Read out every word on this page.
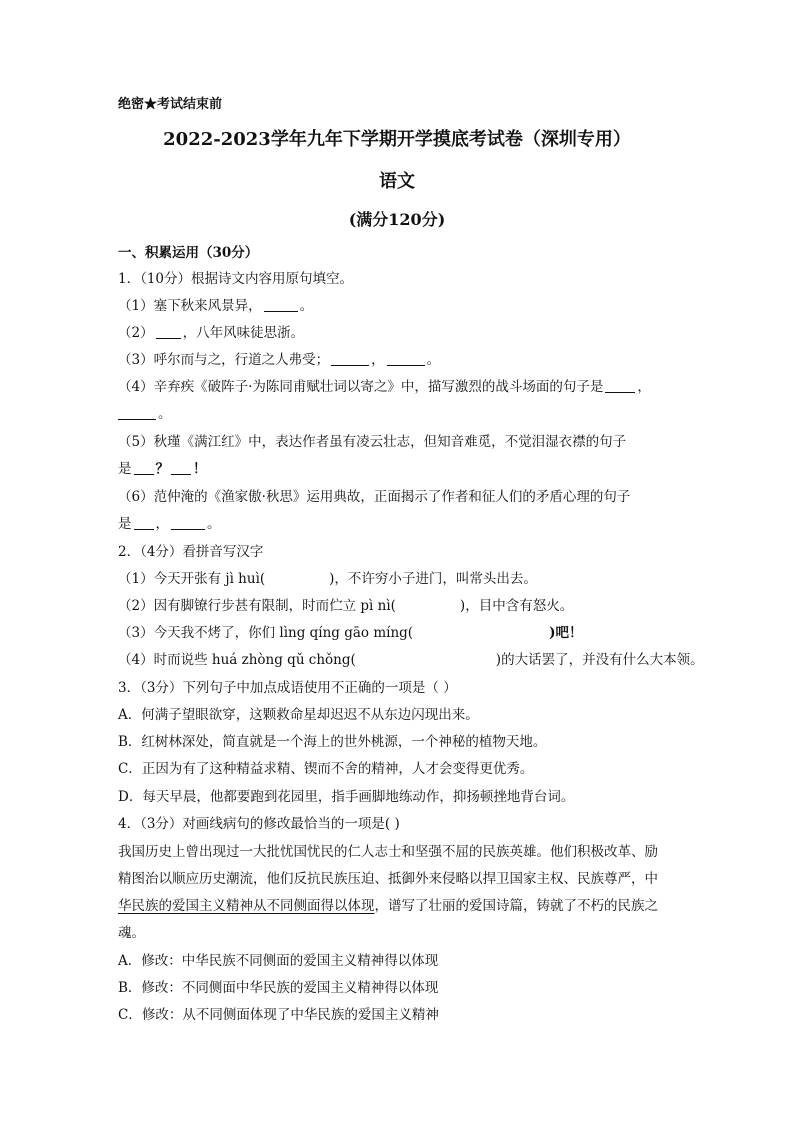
绝密★考试结束前
2022-2023学年九年下学期开学摸底考试卷（深圳专用）
语文
(满分120分)
一、积累运用（30分）
1．（10分）根据诗文内容用原句填空。
（1）塞下秋来风景异，	。
（2） ，八年风味徒思浙。
（3）呼尔而与之，行道之人弗受；	，	。
（4）辛弃疾《破阵子·为陈同甫赋壮词以寄之》中，描写激烈的战斗场面的句子是	，
。
（5）秋瑾《满江红》中，表达作者虽有凌云壮志，但知音难觅，不觉泪湿衣襟的句子
是 ？ ！
（6）范仲淹的《渔家傲·秋思》运用典故，正面揭示了作者和征人们的矛盾心理的句子
是 ，	。
2．（4分）看拼音写汉字
（1）今天开张有 jì huì(	)，不许穷小子进门，叫常头出去。
（2）因有脚镣行步甚有限制，时而伫立 pì nì(	)，目中含有怒火。
（3）今天我不烤了，你们 lìng qíng gāo míng(	)吧！
（4）时而说些 huá zhòng qǔ chǒng(	)的大话罢了，并没有什么大本领。
3．（3分）下列句子中加点成语使用不正确的一项是（ ）
A．何满子望眼欲穿，这颗救命星却迟迟不从东边闪现出来。
B．红树林深处，简直就是一个海上的世外桃源，一个神秘的植物天地。
C．正因为有了这种精益求精、锲而不舍的精神，人才会变得更优秀。
D．每天早晨，他都要跑到花园里，指手画脚地练动作，抑扬顿挫地背台词。
4．（3分）对画线病句的修改最恰当的一项是( )
我国历史上曾出现过一大批忧国忧民的仁人志士和坚强不屈的民族英雄。他们积极改革、励
精图治以顺应历史潮流，他们反抗民族压迫、抵御外来侵略以捍卫国家主权、民族尊严，中
华民族的爱国主义精神从不同侧面得以体现，谱写了壮丽的爱国诗篇，铸就了不朽的民族之
魂。
A．修改：中华民族不同侧面的爱国主义精神得以体现
B．修改：不同侧面中华民族的爱国主义精神得以体现
C．修改：从不同侧面体现了中华民族的爱国主义精神
